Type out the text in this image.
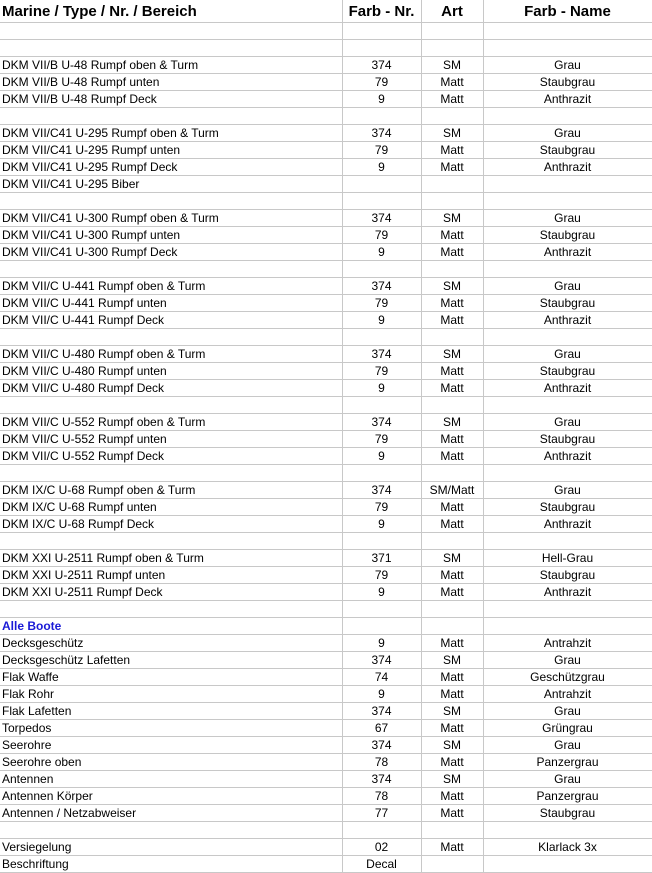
Marine / Type / Nr. / Bereich	Farb - Nr.	Art	Farb - Name

DKM VII/B U-48 Rumpf oben & Turm	374	SM	Grau
DKM VII/B U-48 Rumpf unten	79	Matt	Staubgrau
DKM VII/B U-48 Rumpf Deck	9	Matt	Anthrazit

DKM VII/C41 U-295 Rumpf oben & Turm	374	SM	Grau
DKM VII/C41 U-295 Rumpf unten	79	Matt	Staubgrau
DKM VII/C41 U-295 Rumpf Deck	9	Matt	Anthrazit
DKM VII/C41 U-295 Biber			

DKM VII/C41 U-300 Rumpf oben & Turm	374	SM	Grau
DKM VII/C41 U-300 Rumpf unten	79	Matt	Staubgrau
DKM VII/C41 U-300 Rumpf Deck	9	Matt	Anthrazit

DKM VII/C U-441 Rumpf oben & Turm	374	SM	Grau
DKM VII/C U-441 Rumpf unten	79	Matt	Staubgrau
DKM VII/C U-441 Rumpf Deck	9	Matt	Anthrazit

DKM VII/C U-480 Rumpf oben & Turm	374	SM	Grau
DKM VII/C U-480 Rumpf unten	79	Matt	Staubgrau
DKM VII/C U-480 Rumpf Deck	9	Matt	Anthrazit

DKM VII/C U-552 Rumpf oben & Turm	374	SM	Grau
DKM VII/C U-552 Rumpf unten	79	Matt	Staubgrau
DKM VII/C U-552 Rumpf Deck	9	Matt	Anthrazit

DKM IX/C U-68 Rumpf oben & Turm	374	SM/Matt	Grau
DKM IX/C U-68 Rumpf unten	79	Matt	Staubgrau
DKM IX/C U-68 Rumpf Deck	9	Matt	Anthrazit

DKM XXI U-2511 Rumpf oben & Turm	371	SM	Hell-Grau
DKM XXI U-2511 Rumpf unten	79	Matt	Staubgrau
DKM XXI U-2511 Rumpf Deck	9	Matt	Anthrazit

Alle Boote			
Decksgeschütz	9	Matt	Antrahzit
Decksgeschütz Lafetten	374	SM	Grau
Flak Waffe	74	Matt	Geschützgrau
Flak Rohr	9	Matt	Antrahzit
Flak Lafetten	374	SM	Grau
Torpedos	67	Matt	Grüngrau
Seerohre	374	SM	Grau
Seerohre oben	78	Matt	Panzergrau
Antennen	374	SM	Grau
Antennen Körper	78	Matt	Panzergrau
Antennen / Netzabweiser	77	Matt	Staubgrau

Versiegelung	02	Matt	Klarlack 3x
Beschriftung	Decal		
